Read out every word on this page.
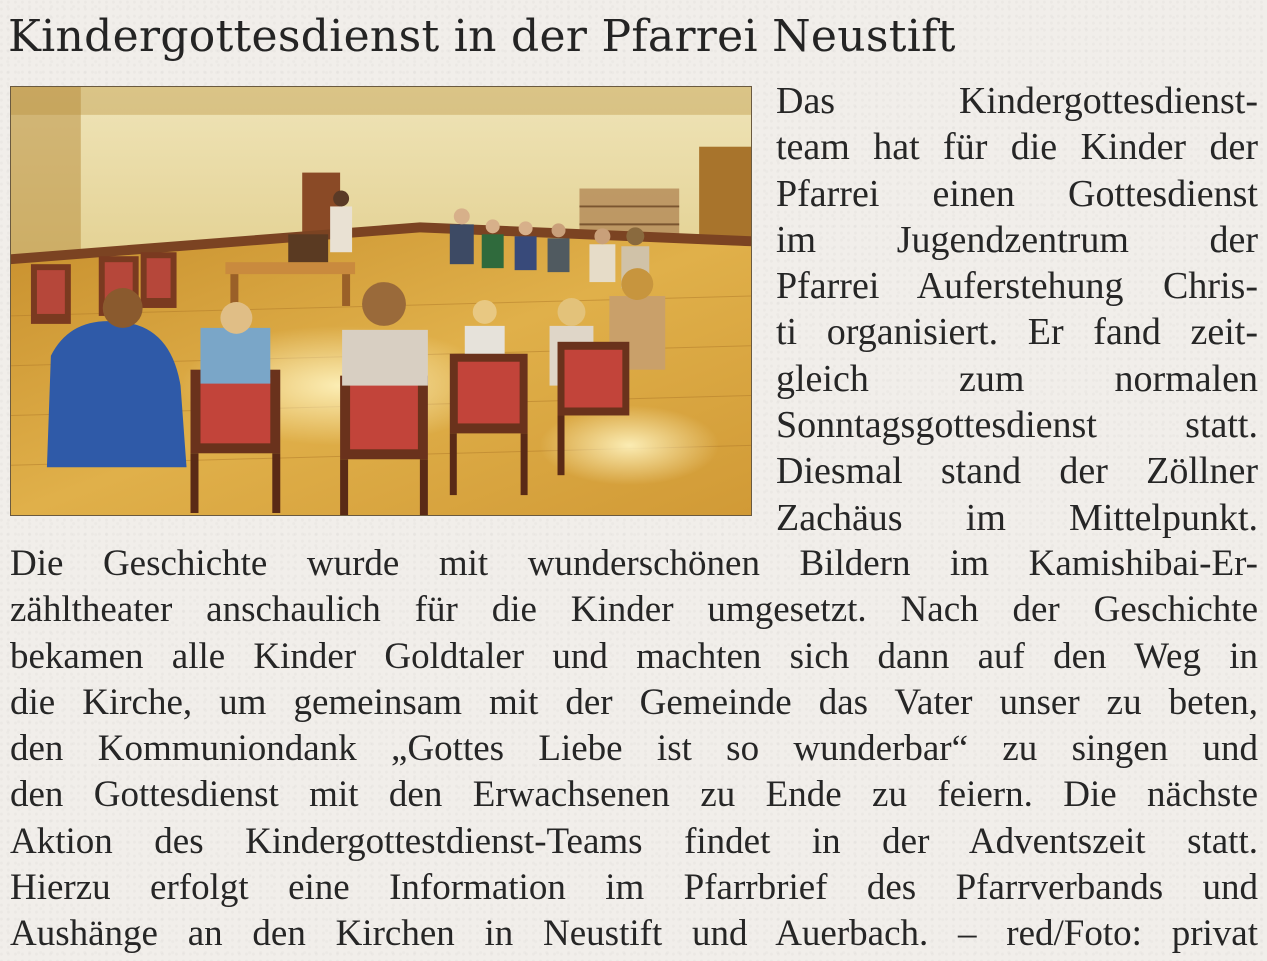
Kindergottesdienst in der Pfarrei Neustift
Das Kindergottesdienst-
team hat für die Kinder der
Pfarrei einen Gottesdienst
im Jugendzentrum der
Pfarrei Auferstehung Chris-
ti organisiert. Er fand zeit-
gleich zum normalen
Sonntagsgottesdienst statt.
Diesmal stand der Zöllner
Zachäus im Mittelpunkt.
Die Geschichte wurde mit wunderschönen Bildern im Kamishibai-Er-
zähltheater anschaulich für die Kinder umgesetzt. Nach der Geschichte
bekamen alle Kinder Goldtaler und machten sich dann auf den Weg in
die Kirche, um gemeinsam mit der Gemeinde das Vater unser zu beten,
den Kommuniondank „Gottes Liebe ist so wunderbar“ zu singen und
den Gottesdienst mit den Erwachsenen zu Ende zu feiern. Die nächste
Aktion des Kindergottestdienst-Teams findet in der Adventszeit statt.
Hierzu erfolgt eine Information im Pfarrbrief des Pfarrverbands und
Aushänge an den Kirchen in Neustift und Auerbach. – red/Foto: privat
